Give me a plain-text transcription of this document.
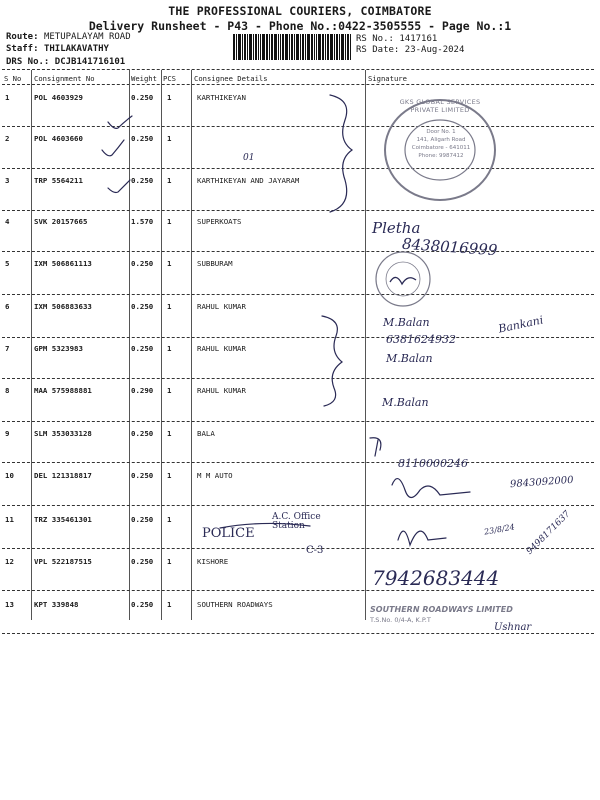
THE PROFESSIONAL COURIERS, COIMBATORE
Delivery Runsheet - P43 - Phone No.:0422-3505555 - Page No.:1
Route: METUPALAYAM ROAD
Staff: THILAKAVATHY
DRS No.: DCJB141716101
RS No.: 1417161
RS Date: 23-Aug-2024
S No Consignment No	Weight PCS	Consignee Details	Signature
1	POL 4603929	0.250 1	KARTHIKEYAN
2	POL 4603660	0.250 1
3	TRP 5564211	0.250 1	KARTHIKEYAN AND JAYARAM
4	SVK 20157665	1.570 1	SUPERKOATS
5	IXM 506861113	0.250 1	SUBBURAM
6	IXM 506883633	0.250 1	RAHUL KUMAR
7	GPM 5323983	0.250 1	RAHUL KUMAR
8	MAA 575988881	0.290 1	RAHUL KUMAR
9	SLM 353033128	0.250 1	BALA
10	DEL 121318817	0.250 1	M M AUTO
11	TRZ 335461301	0.250 1
12	VPL 522187515	0.250 1	KISHORE
13	KPT 339848	0.250 1	SOUTHERN ROADWAYS
01
Pletha
8438016999
M.Balan
6381624932
Bankani
M.Balan
M.Balan
8110000246
9843092000
POLICE
A.C. Office Station
C-3
23/8/24 9498171637
7942683444
Ushnar
GKS GLOBAL SERVICES PRIVATE LIMITED
Door No. 1
141, Aligarh Road
Coimbatore - 641011
Phone: 9987412
SOUTHERN ROADWAYS LIMITED
T.S.No. 0/4-A, K.P.T
